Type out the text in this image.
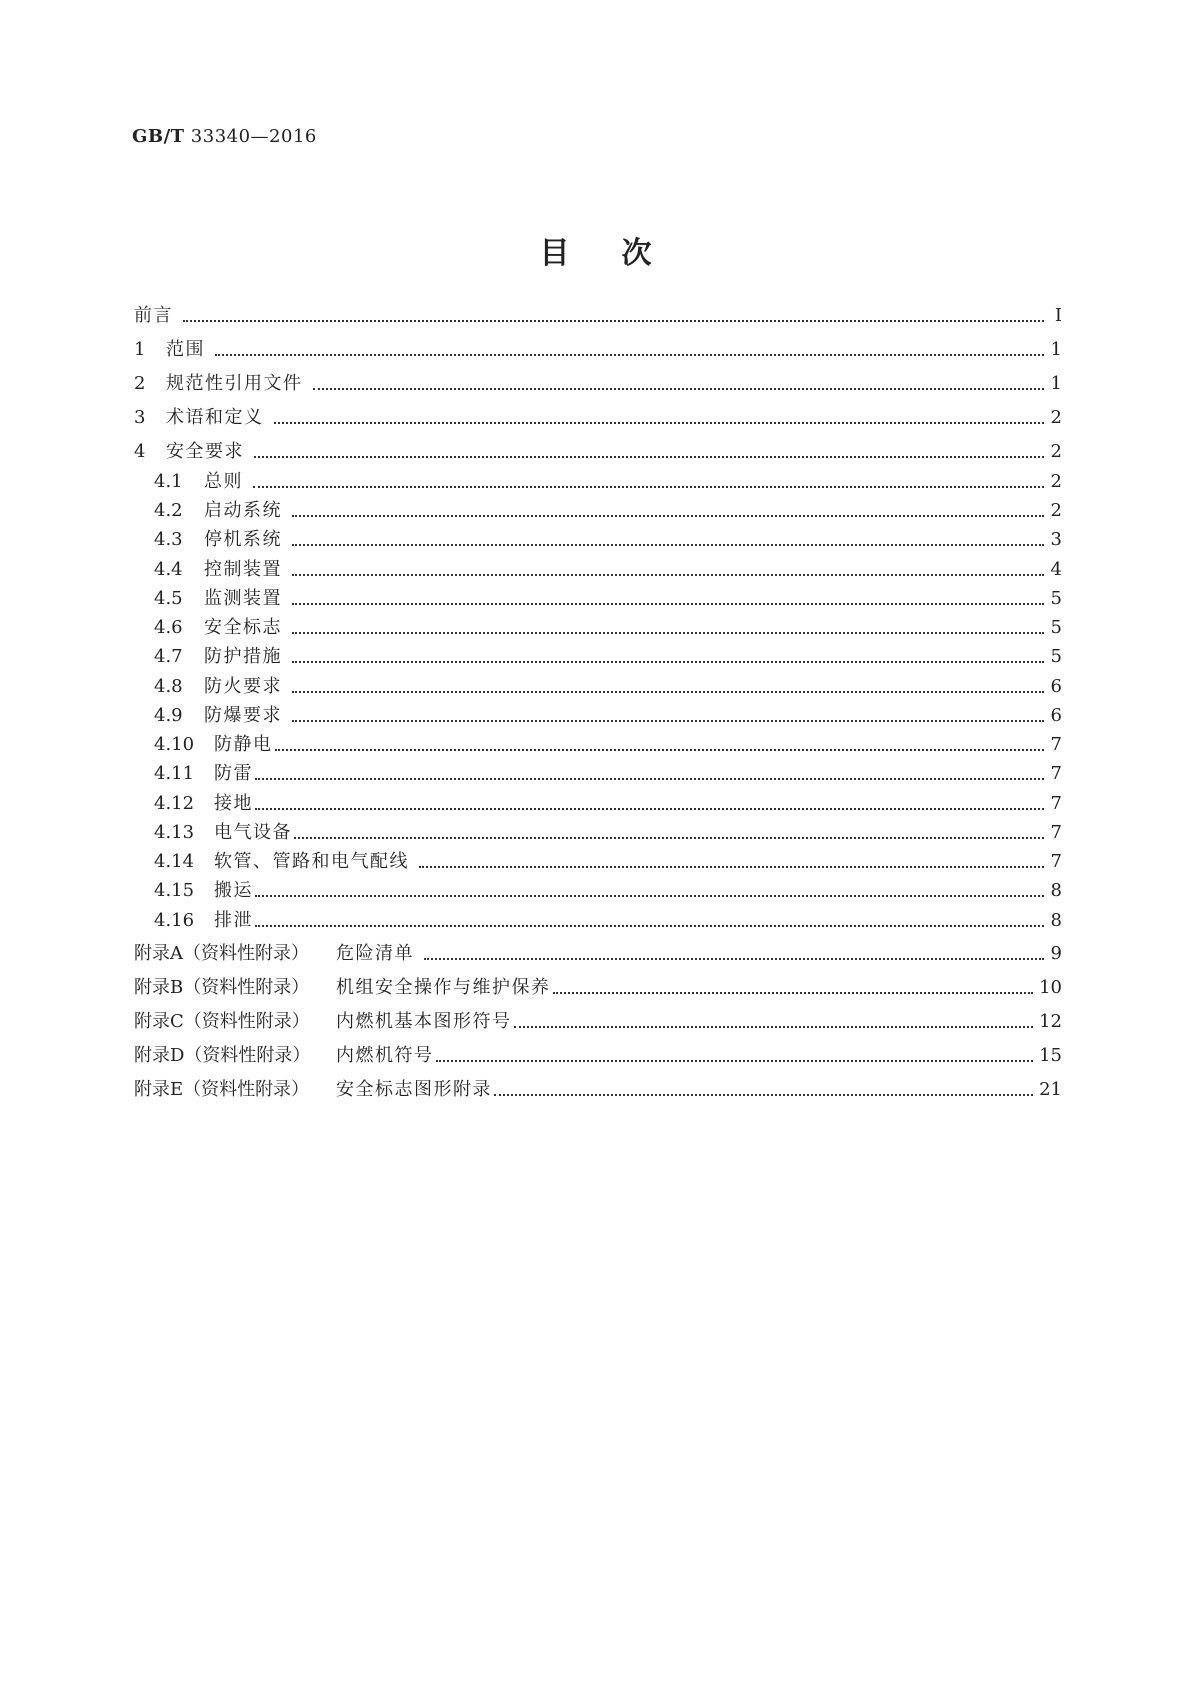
GB/T 33340—2016

目次
前言	Ⅰ
1	范围	1
2	规范性引用文件	1
3	术语和定义	2
4	安全要求	2
4.1	总则	2
4.2	启动系统	2
4.3	停机系统	3
4.4	控制装置	4
4.5	监测装置	5
4.6	安全标志	5
4.7	防护措施	5
4.8	防火要求	6
4.9	防爆要求	6
4.10	防静电	7
4.11	防雷	7
4.12	接地	7
4.13	电气设备	7
4.14	软管、管路和电气配线	7
4.15	搬运	8
4.16	排泄	8
附录A（资料性附录）	危险清单	9
附录B（资料性附录）	机组安全操作与维护保养	10
附录C（资料性附录）	内燃机基本图形符号	12
附录D（资料性附录）	内燃机符号	15
附录E（资料性附录）	安全标志图形附录	21
